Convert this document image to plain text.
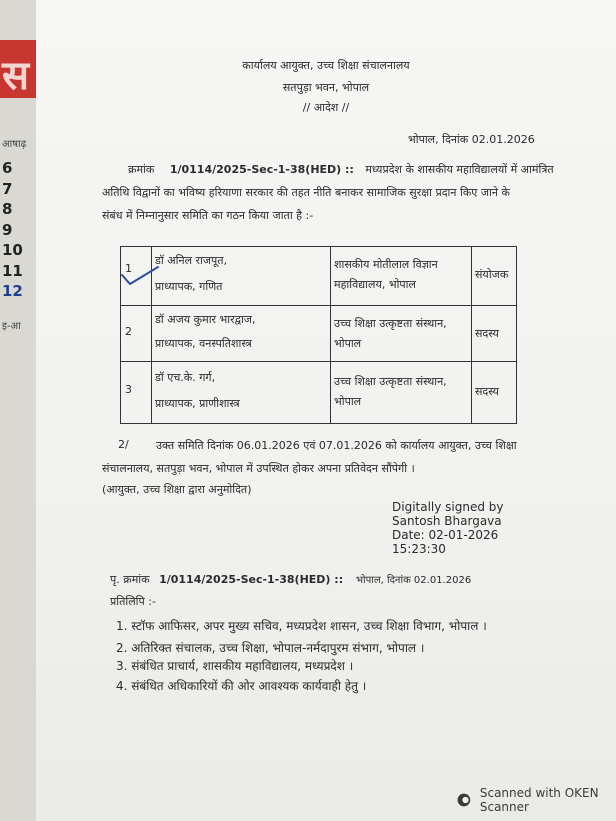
स
आषाढ़
6
7
8
9
10
11
12
इ-आ
कार्यालय आयुक्त, उच्च शिक्षा संचालनालय
सतपुड़ा भवन, भोपाल
// आदेश //
भोपाल, दिनांक 02.01.2026
क्रमांक 1/0114/2025-Sec-1-38(HED) :: मध्यप्रदेश के शासकीय महाविद्यालयों में आमंत्रित
अतिथि विद्वानों का भविष्य हरियाणा सरकार की तहत नीति बनाकर सामाजिक सुरक्षा प्रदान किए जाने के
संबंध में निम्नानुसार समिति का गठन किया जाता है :-
1
डॉ अनिल राजपूत,
प्राध्यापक, गणित
शासकीय मोतीलाल विज्ञान
महाविद्यालय, भोपाल
संयोजक
2
डॉ अजय कुमार भारद्वाज,
प्राध्यापक, वनस्पतिशास्त्र
उच्च शिक्षा उत्कृष्टता संस्थान,
भोपाल
सदस्य
3
डॉ एच.के. गर्ग,
प्राध्यापक, प्राणीशास्त्र
उच्च शिक्षा उत्कृष्टता संस्थान,
भोपाल
सदस्य
2/ उक्त समिति दिनांक 06.01.2026 एवं 07.01.2026 को कार्यालय आयुक्त, उच्च शिक्षा
संचालनालय, सतपुड़ा भवन, भोपाल में उपस्थित होकर अपना प्रतिवेदन सौंपेगी ।
(आयुक्त, उच्च शिक्षा द्वारा अनुमोदित)
Digitally signed by
Santosh Bhargava
Date: 02-01-2026
15:23:30
पृ. क्रमांक 1/0114/2025-Sec-1-38(HED) :: भोपाल, दिनांक 02.01.2026
प्रतिलिपि :-
1. स्टॉफ आफिसर, अपर मुख्य सचिव, मध्यप्रदेश शासन, उच्च शिक्षा विभाग, भोपाल ।
2. अतिरिक्त संचालक, उच्च शिक्षा, भोपाल-नर्मदापुरम संभाग, भोपाल ।
3. संबंधित प्राचार्य, शासकीय महाविद्यालय, मध्यप्रदेश ।
4. संबंधित अधिकारियों की ओर आवश्यक कार्यवाही हेतु ।
Scanned with OKEN Scanner
